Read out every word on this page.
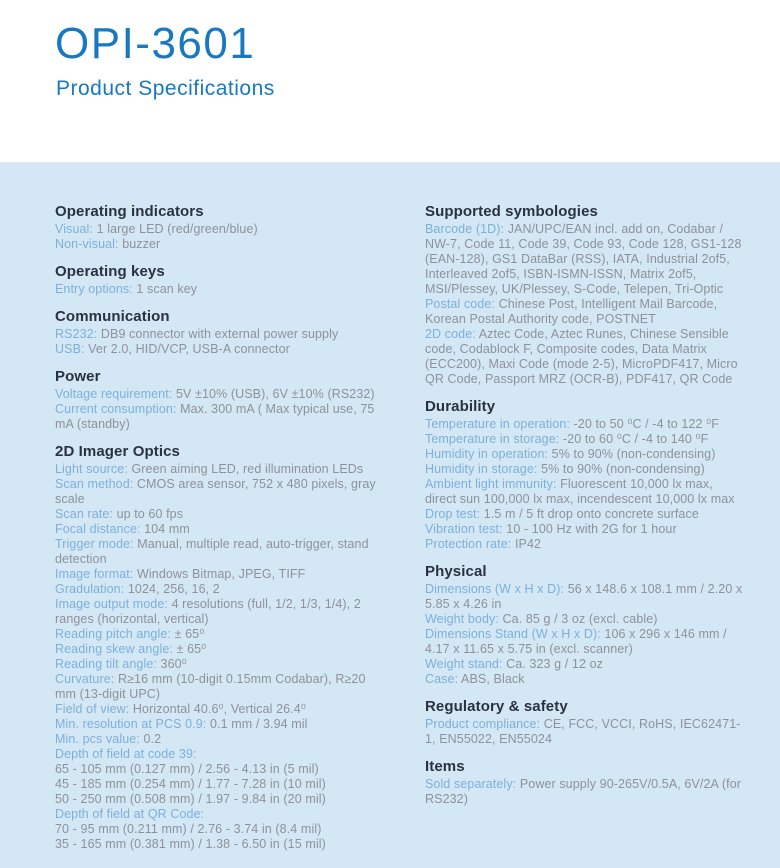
OPI-3601
Product Specifications
Operating indicators
Visual: 1 large LED (red/green/blue)
Non-visual: buzzer
Operating keys
Entry options: 1 scan key
Communication
RS232: DB9 connector with external power supply
USB: Ver 2.0, HID/VCP, USB-A connector
Power
Voltage requirement: 5V ±10% (USB), 6V ±10% (RS232)
Current consumption: Max. 300 mA ( Max typical use, 75 mA (standby)
2D Imager Optics
Light source: Green aiming LED, red illumination LEDs
Scan method: CMOS area sensor, 752 x 480 pixels, gray scale
Scan rate: up to 60 fps
Focal distance: 104 mm
Trigger mode: Manual, multiple read, auto-trigger, stand detection
Image format: Windows Bitmap, JPEG, TIFF
Gradulation: 1024, 256, 16, 2
Image output mode: 4 resolutions (full, 1/2, 1/3, 1/4), 2 ranges (horizontal, vertical)
Reading pitch angle: ± 65⁰
Reading skew angle: ± 65⁰
Reading tilt angle: 360⁰
Curvature: R≥16 mm (10-digit 0.15mm Codabar), R≥20 mm (13-digit UPC)
Field of view: Horizontal 40.6⁰, Vertical 26.4⁰
Min. resolution at PCS 0.9: 0.1 mm / 3.94 mil
Min. pcs value: 0.2
Depth of field at code 39:
65 - 105 mm (0.127 mm) / 2.56 - 4.13 in (5 mil)
45 - 185 mm (0.254 mm) / 1.77 - 7.28 in (10 mil)
50 - 250 mm (0.508 mm) / 1.97 - 9.84 in (20 mil)
Depth of field at QR Code:
70 - 95 mm (0.211 mm) / 2.76 - 3.74 in (8.4 mil)
35 - 165 mm (0.381 mm) / 1.38 - 6.50 in (15 mil)
Supported symbologies
Barcode (1D): JAN/UPC/EAN incl. add on, Codabar / NW-7, Code 11, Code 39, Code 93, Code 128, GS1-128 (EAN-128), GS1 DataBar (RSS), IATA, Industrial 2of5, Interleaved 2of5, ISBN-ISMN-ISSN, Matrix 2of5, MSI/Plessey, UK/Plessey, S-Code, Telepen, Tri-Optic
Postal code: Chinese Post, Intelligent Mail Barcode, Korean Postal Authority code, POSTNET
2D code: Aztec Code, Aztec Runes, Chinese Sensible code, Codablock F, Composite codes, Data Matrix (ECC200), Maxi Code (mode 2-5), MicroPDF417, Micro QR Code, Passport MRZ (OCR-B), PDF417, QR Code
Durability
Temperature in operation: -20 to 50 ⁰C / -4 to 122 ⁰F
Temperature in storage: -20 to 60 ⁰C / -4 to 140 ⁰F
Humidity in operation: 5% to 90% (non-condensing)
Humidity in storage: 5% to 90% (non-condensing)
Ambient light immunity: Fluorescent 10,000 lx max, direct sun 100,000 lx max, incendescent 10,000 lx max
Drop test: 1.5 m / 5 ft drop onto concrete surface
Vibration test: 10 - 100 Hz with 2G for 1 hour
Protection rate: IP42
Physical
Dimensions (W x H x D): 56 x 148.6 x 108.1 mm / 2.20 x 5.85 x 4.26 in
Weight body: Ca. 85 g / 3 oz (excl. cable)
Dimensions Stand (W x H x D): 106 x 296 x 146 mm / 4.17 x 11.65 x 5.75 in (excl. scanner)
Weight stand: Ca. 323 g / 12 oz
Case: ABS, Black
Regulatory & safety
Product compliance: CE, FCC, VCCI, RoHS, IEC62471-1, EN55022, EN55024
Items
Sold separately: Power supply 90-265V/0.5A, 6V/2A (for RS232)
